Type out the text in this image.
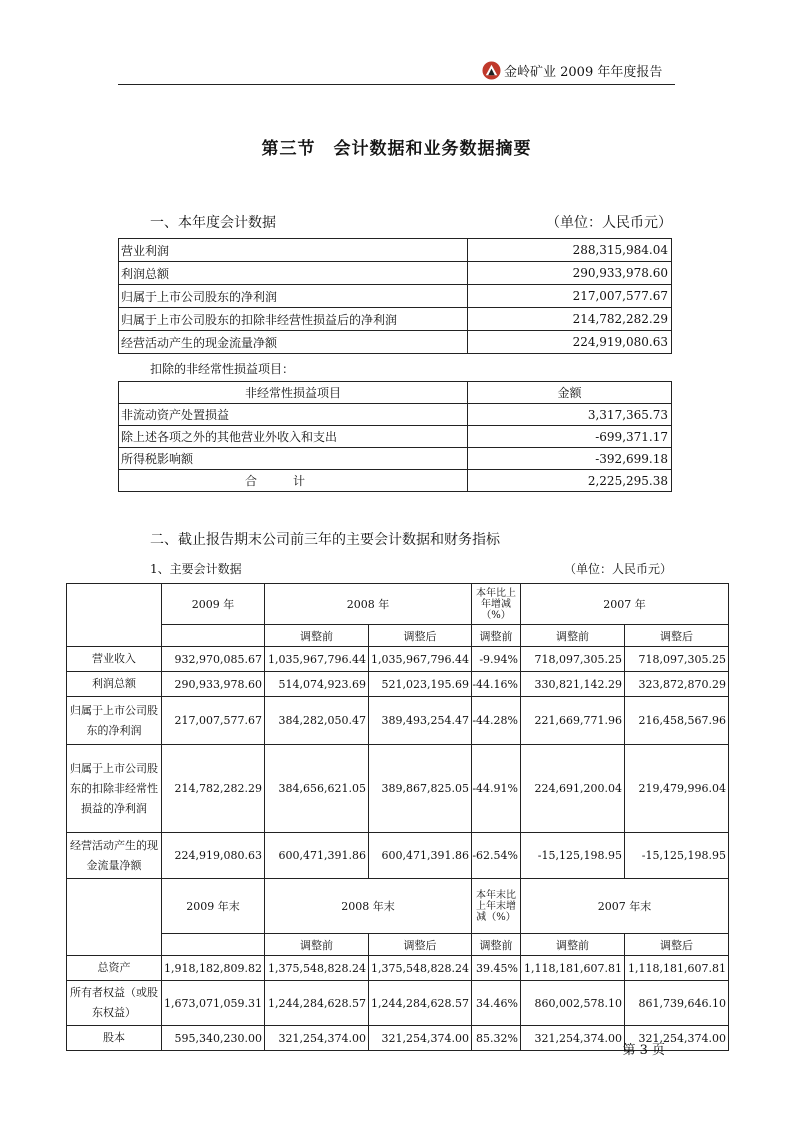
金岭矿业 2009 年年度报告
第三节　会计数据和业务数据摘要
一、本年度会计数据	（单位：人民币元）
营业利润	288,315,984.04
利润总额	290,933,978.60
归属于上市公司股东的净利润	217,007,577.67
归属于上市公司股东的扣除非经营性损益后的净利润	214,782,282.29
经营活动产生的现金流量净额	224,919,080.63
扣除的非经常性损益项目：
非经常性损益项目	金额
非流动资产处置损益	3,317,365.73
除上述各项之外的其他营业外收入和支出	-699,371.17
所得税影响额	-392,699.18
合计	2,225,295.38
二、截止报告期末公司前三年的主要会计数据和财务指标
1、主要会计数据	（单位：人民币元）
	2009 年	2008 年		本年比上年增减（%）	2007 年	
		调整前	调整后	调整前	调整前	调整后
营业收入	932,970,085.67	1,035,967,796.44	1,035,967,796.44	-9.94%	718,097,305.25	718,097,305.25
利润总额	290,933,978.60	514,074,923.69	521,023,195.69	-44.16%	330,821,142.29	323,872,870.29
归属于上市公司股东的净利润	217,007,577.67	384,282,050.47	389,493,254.47	-44.28%	221,669,771.96	216,458,567.96
归属于上市公司股东的扣除非经常性损益的净利润	214,782,282.29	384,656,621.05	389,867,825.05	-44.91%	224,691,200.04	219,479,996.04
经营活动产生的现金流量净额	224,919,080.63	600,471,391.86	600,471,391.86	-62.54%	-15,125,198.95	-15,125,198.95
	2009 年末	2008 年末		本年末比上年末增减（%）	2007 年末	
		调整前	调整后	调整前	调整前	调整后
总资产	1,918,182,809.82	1,375,548,828.24	1,375,548,828.24	39.45%	1,118,181,607.81	1,118,181,607.81
所有者权益（或股东权益）	1,673,071,059.31	1,244,284,628.57	1,244,284,628.57	34.46%	860,002,578.10	861,739,646.10
股本	595,340,230.00	321,254,374.00	321,254,374.00	85.32%	321,254,374.00	321,254,374.00
第 3 页
